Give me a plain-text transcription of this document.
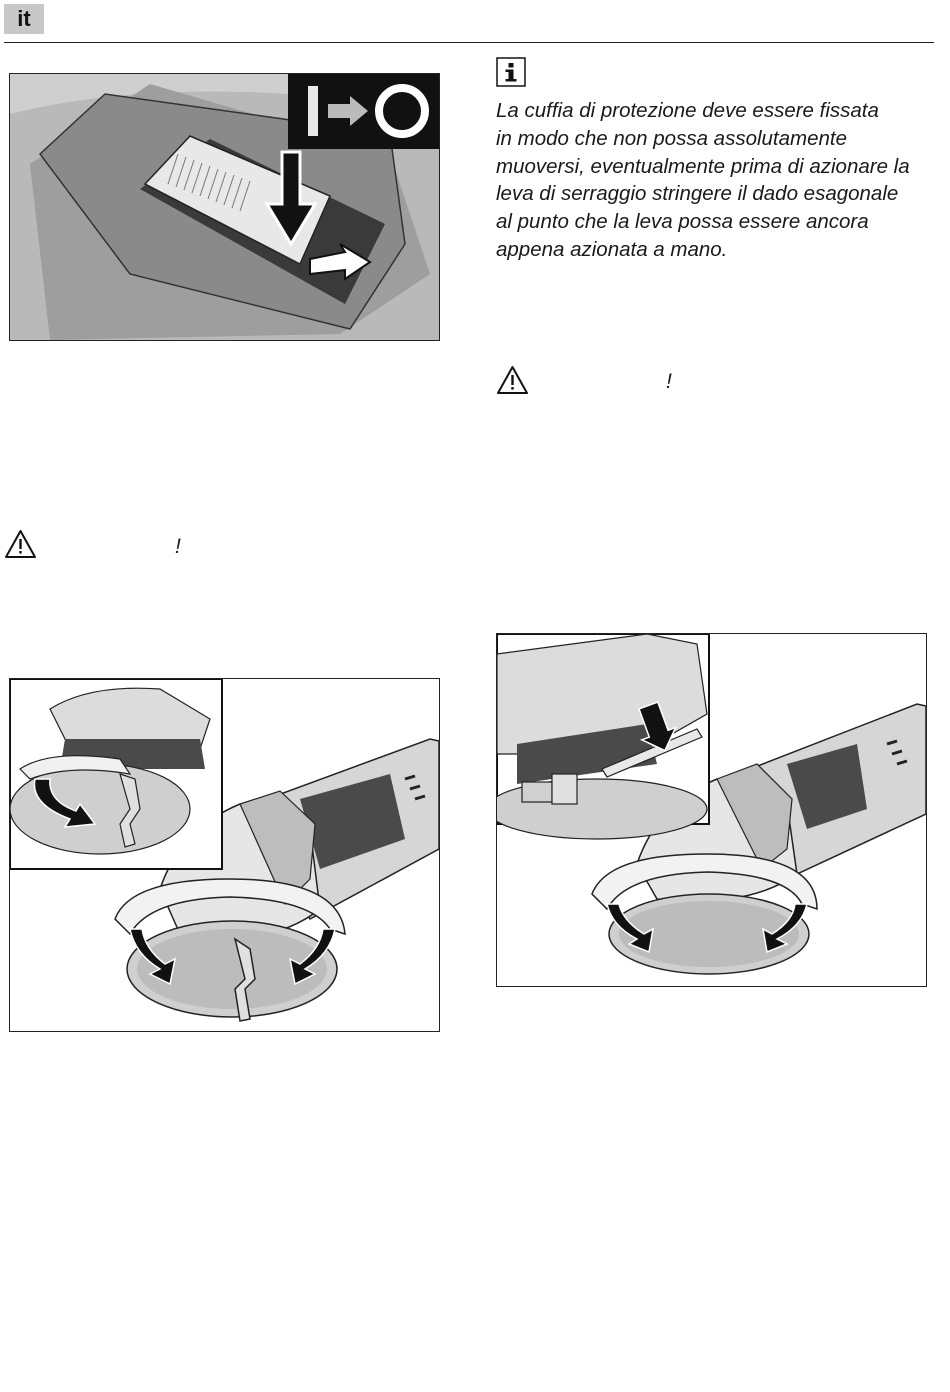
it

La cuffia di protezione deve essere fissata
in modo che non possa assolutamente
muoversi, eventualmente prima di azionare la
leva di serraggio stringere il dado esagonale
al punto che la leva possa essere ancora
appena azionata a mano.

!
!
